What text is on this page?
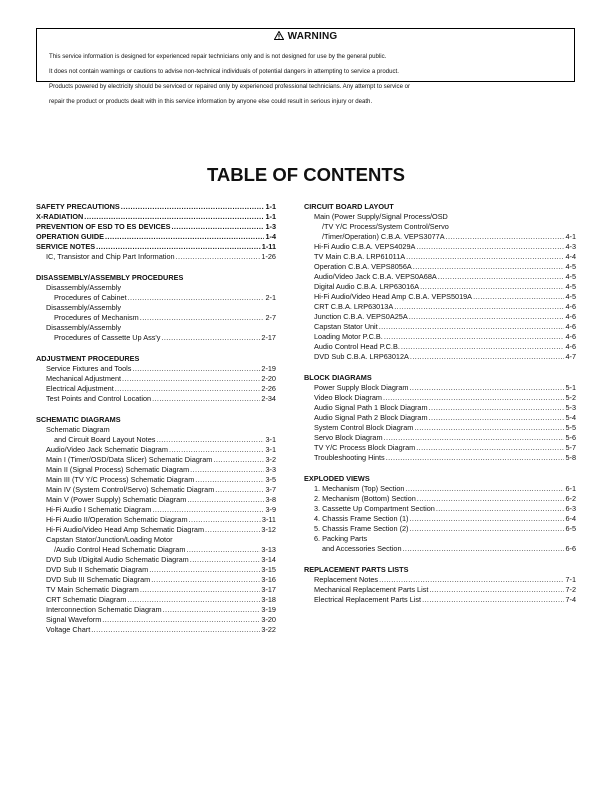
WARNING

This service information is designed for experienced repair technicians only and is not designed for use by the general public.

It does not contain warnings or cautions to advise non-technical individuals of potential dangers in attempting to service a product.

Products powered by electricity should be serviced or repaired only by experienced professional technicians. Any attempt to service or

repair the product or products dealt with in this service information by anyone else could result in serious injury or death.

TABLE OF CONTENTS
SAFETY PRECAUTIONS .....	1-1
X-RADIATION .....	1-1
PREVENTION OF ESD TO ES DEVICES .....	1-3
OPERATION GUIDE .....	1-4
SERVICE NOTES .....	1-11
IC, Transistor and Chip Part Information .....	1-26
DISASSEMBLY/ASSEMBLY PROCEDURES
Disassembly/Assembly
Procedures of Cabinet .....	2-1
Disassembly/Assembly
Procedures of Mechanism .....	2-7
Disassembly/Assembly
Procedures of Cassette Up Ass'y .....	2-17
ADJUSTMENT PROCEDURES
Service Fixtures and Tools .....	2-19
Mechanical Adjustment .....	2-20
Electrical Adjustment .....	2-26
Test Points and Control Location .....	2-34
SCHEMATIC DIAGRAMS
Schematic Diagram
and Circuit Board Layout Notes .....	3-1
Audio/Video Jack Schematic Diagram .....	3-1
Main I (Timer/OSD/Data Slicer) Schematic Diagram .....	3-2
Main II (Signal Process) Schematic Diagram .....	3-3
Main III (TV Y/C Process) Schematic Diagram .....	3-5
Main IV (System Control/Servo) Schematic Diagram .....	3-7
Main V (Power Supply) Schematic Diagram .....	3-8
Hi-Fi Audio I Schematic Diagram .....	3-9
Hi-Fi Audio II/Operation Schematic Diagram .....	3-11
Hi-Fi Audio/Video Head Amp Schematic Diagram .....	3-12
Capstan Stator/Junction/Loading Motor
/Audio Control Head Schematic Diagram .....	3-13
DVD Sub I/Digital Audio Schematic Diagram .....	3-14
DVD Sub II Schematic Diagram .....	3-15
DVD Sub III Schematic Diagram .....	3-16
TV Main Schematic Diagram .....	3-17
CRT Schematic Diagram .....	3-18
Interconnection Schematic Diagram .....	3-19
Signal Waveform .....	3-20
Voltage Chart .....	3-22
CIRCUIT BOARD LAYOUT
Main (Power Supply/Signal Process/OSD
/TV Y/C Process/System Control/Servo
/Timer/Operation) C.B.A. VEPS3077A .....	4-1
Hi-Fi Audio C.B.A. VEPS4029A .....	4-3
TV Main C.B.A. LRP61011A .....	4-4
Operation C.B.A. VEPS8056A .....	4-5
Audio/Video Jack C.B.A. VEPS0A68A .....	4-5
Digital Audio C.B.A. LRP63016A .....	4-5
Hi-Fi Audio/Video Head Amp C.B.A. VEPS5019A .....	4-5
CRT C.B.A. LRP63013A .....	4-6
Junction C.B.A. VEPS0A25A .....	4-6
Capstan Stator Unit .....	4-6
Loading Motor P.C.B. .....	4-6
Audio Control Head P.C.B. .....	4-6
DVD Sub C.B.A. LRP63012A .....	4-7
BLOCK DIAGRAMS
Power Supply Block Diagram .....	5-1
Video Block Diagram .....	5-2
Audio Signal Path 1 Block Diagram .....	5-3
Audio Signal Path 2 Block Diagram .....	5-4
System Control Block Diagram .....	5-5
Servo Block Diagram .....	5-6
TV Y/C Process Block Diagram .....	5-7
Troubleshooting Hints .....	5-8
EXPLODED VIEWS
1. Mechanism (Top) Section .....	6-1
2. Mechanism (Bottom) Section .....	6-2
3. Cassette Up Compartment Section .....	6-3
4. Chassis Frame Section (1) .....	6-4
5. Chassis Frame Section (2) .....	6-5
6. Packing Parts
and Accessories Section .....	6-6
REPLACEMENT PARTS LISTS
Replacement Notes .....	7-1
Mechanical Replacement Parts List .....	7-2
Electrical Replacement Parts List .....	7-4
